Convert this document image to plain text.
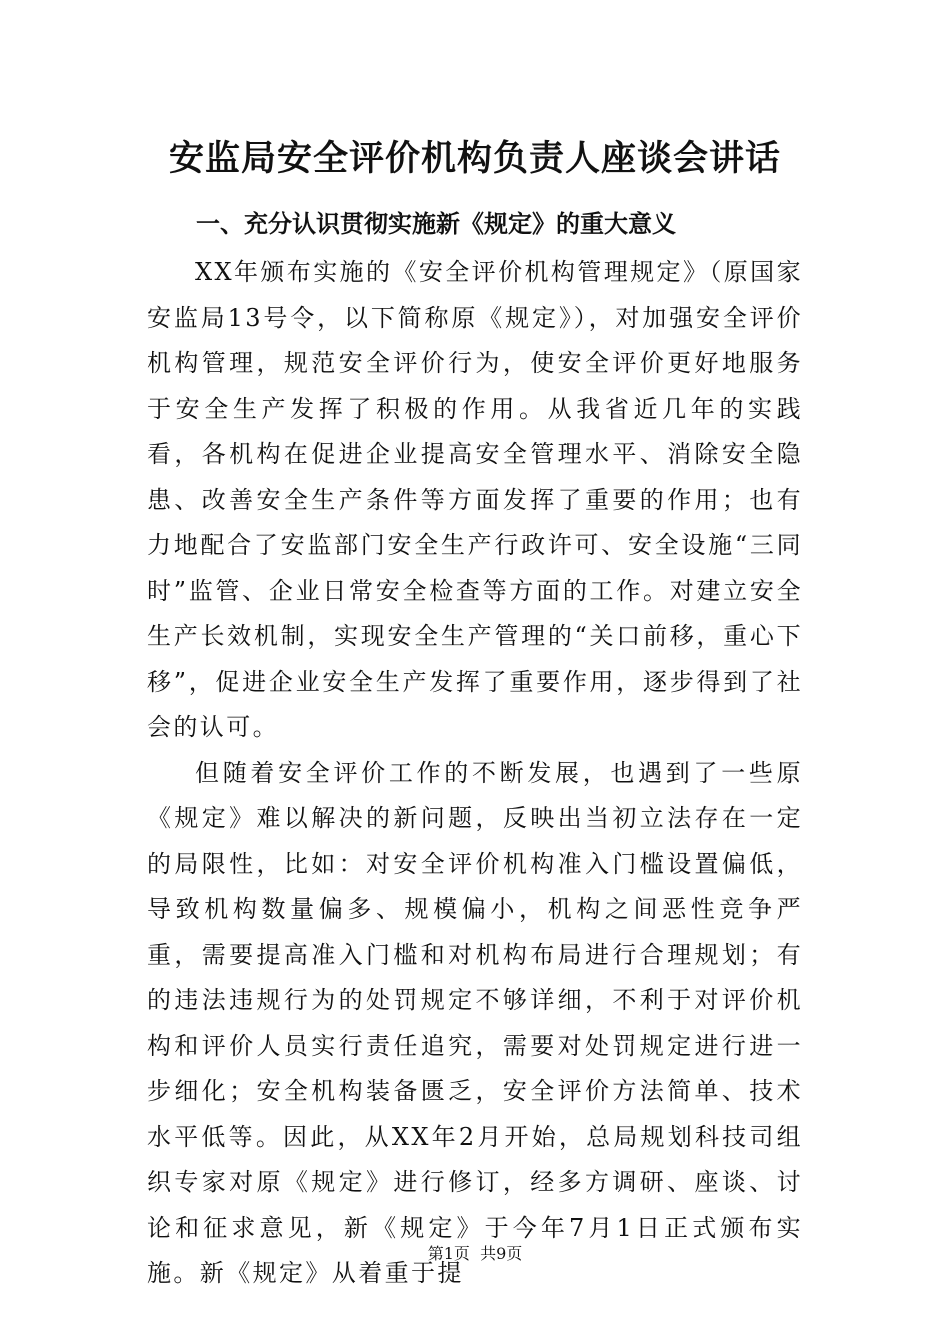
安监局安全评价机构负责人座谈会讲话
一、充分认识贯彻实施新《规定》的重大意义

XX年颁布实施的《安全评价机构管理规定》（原国家安监局13号令，以下简称原《规定》），对加强安全评价机构管理，规范安全评价行为，使安全评价更好地服务于安全生产发挥了积极的作用。从我省近几年的实践看，各机构在促进企业提高安全管理水平、消除安全隐患、改善安全生产条件等方面发挥了重要的作用；也有力地配合了安监部门安全生产行政许可、安全设施“三同时”监管、企业日常安全检查等方面的工作。对建立安全生产长效机制，实现安全生产管理的“关口前移，重心下移”，促进企业安全生产发挥了重要作用，逐步得到了社会的认可。

但随着安全评价工作的不断发展，也遇到了一些原《规定》难以解决的新问题，反映出当初立法存在一定的局限性，比如：对安全评价机构准入门槛设置偏低，导致机构数量偏多、规模偏小，机构之间恶性竞争严重，需要提高准入门槛和对机构布局进行合理规划；有的违法违规行为的处罚规定不够详细，不利于对评价机构和评价人员实行责任追究，需要对处罚规定进行进一步细化；安全机构装备匮乏，安全评价方法简单、技术水平低等。因此，从XX年2月开始，总局规划科技司组织专家对原《规定》进行修订，经多方调研、座谈、讨论和征求意见，新《规定》于今年7月1日正式颁布实施。新《规定》从着重于提

第1页  共9页
